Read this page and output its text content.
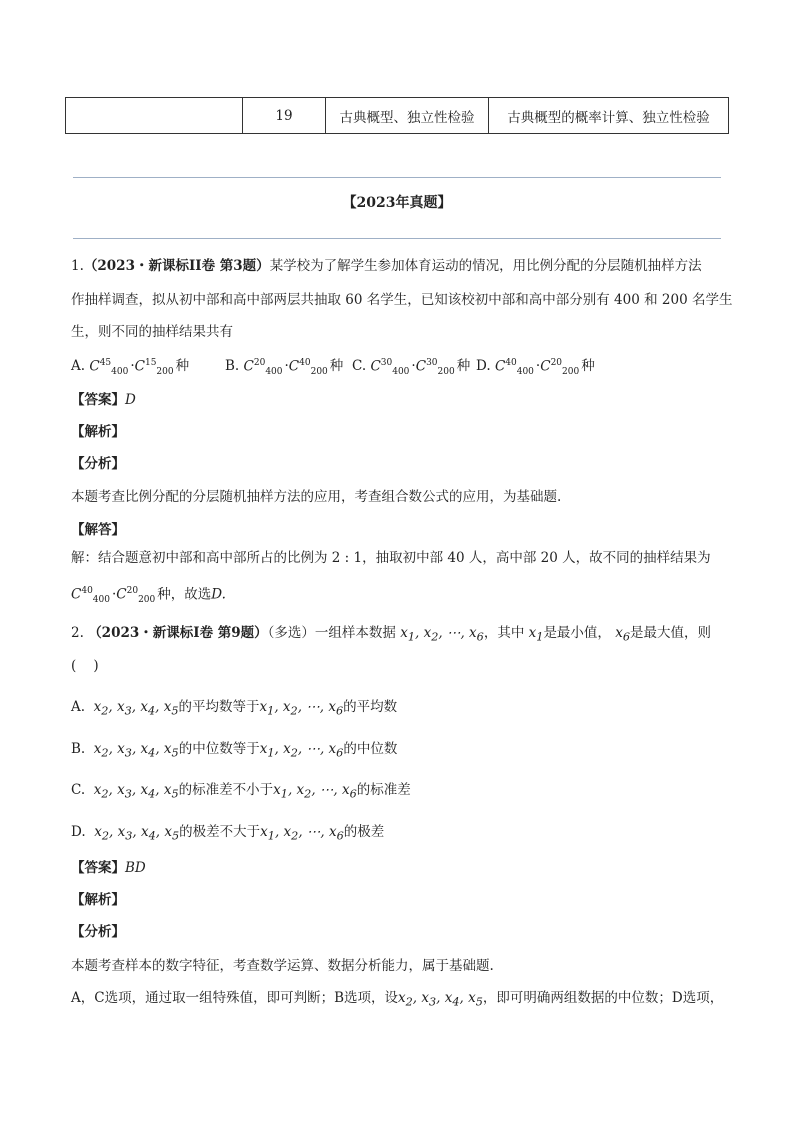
	19	古典概型、独立性检验	古典概型的概率计算、独立性检验
【2023年真题】
1.（2023・新课标II卷 第3题）某学校为了解学生参加体育运动的情况，用比例分配的分层随机抽样方法
作抽样调查，拟从初中部和高中部两层共抽取 60 名学生，已知该校初中部和高中部分别有 400 和 200 名学生
生，则不同的抽样结果共有
A. $C^{45}_{400} \cdot C^{15}_{200}$ 种	B. $C^{20}_{400} \cdot C^{40}_{200}$ 种 C. $C^{30}_{400} \cdot C^{30}_{200}$ 种 D. $C^{40}_{400} \cdot C^{20}_{200}$ 种
【答案】D
【解析】
【分析】
本题考查比例分配的分层随机抽样方法的应用，考查组合数公式的应用，为基础题.
【解答】
解：结合题意初中部和高中部所占的比例为 2 : 1，抽取初中部 40 人，高中部 20 人，故不同的抽样结果为
$C^{40}_{400} \cdot C^{20}_{200}$ 种，故选D.
2. （2023・新课标I卷 第9题）（多选）一组样本数据 $x_1$, $x_2$, ⋯, $x_6$，其中 $x_1$是最小值， $x_6$是最大值，则
(    )
A.  $x_2$, $x_3$, $x_4$, $x_5$的平均数等于$x_1$, $x_2$, ⋯, $x_6$的平均数
B.  $x_2$, $x_3$, $x_4$, $x_5$的中位数等于$x_1$, $x_2$, ⋯, $x_6$的中位数
C.  $x_2$, $x_3$, $x_4$, $x_5$的标准差不小于$x_1$, $x_2$, ⋯, $x_6$的标准差
D.  $x_2$, $x_3$, $x_4$, $x_5$的极差不大于$x_1$, $x_2$, ⋯, $x_6$的极差
【答案】BD
【解析】
【分析】
本题考查样本的数字特征，考查数学运算、数据分析能力，属于基础题.
A，C选项，通过取一组特殊值，即可判断；B选项，设$x_2$, $x_3$, $x_4$, $x_5$，即可明确两组数据的中位数；D选项，
